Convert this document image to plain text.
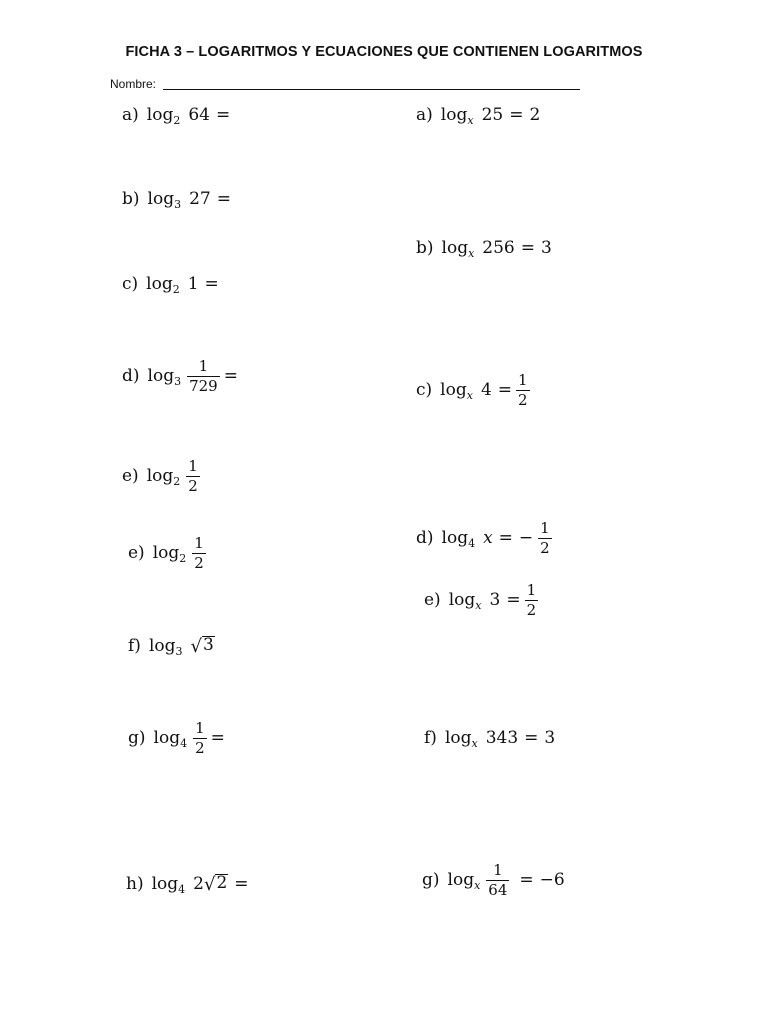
FICHA 3 – LOGARITMOS Y ECUACIONES QUE CONTIENEN LOGARITMOS
Nombre:
a) log 2 64 =
b) log 3 27 =
c) log 2 1 =
d) $\log 3 \frac{1}{729}$ =
e) $\log 2 \frac{1}{2}$
e) $\log 2 \frac{1}{2}$
f) log 3 √ 3
g) $\log 4 \frac{1}{2}$ =
h) log 4 2 √ 2 =
a) log x 25 = 2
b) log x 256 = 3
c) log x $4 = \frac{1}{2}$
d) log 4 x = − $\frac{1}{2}$
e) log x $3 = \frac{1}{2}$
f) log x 343 = 3
g) log x $\frac{1}{64} = -6$
